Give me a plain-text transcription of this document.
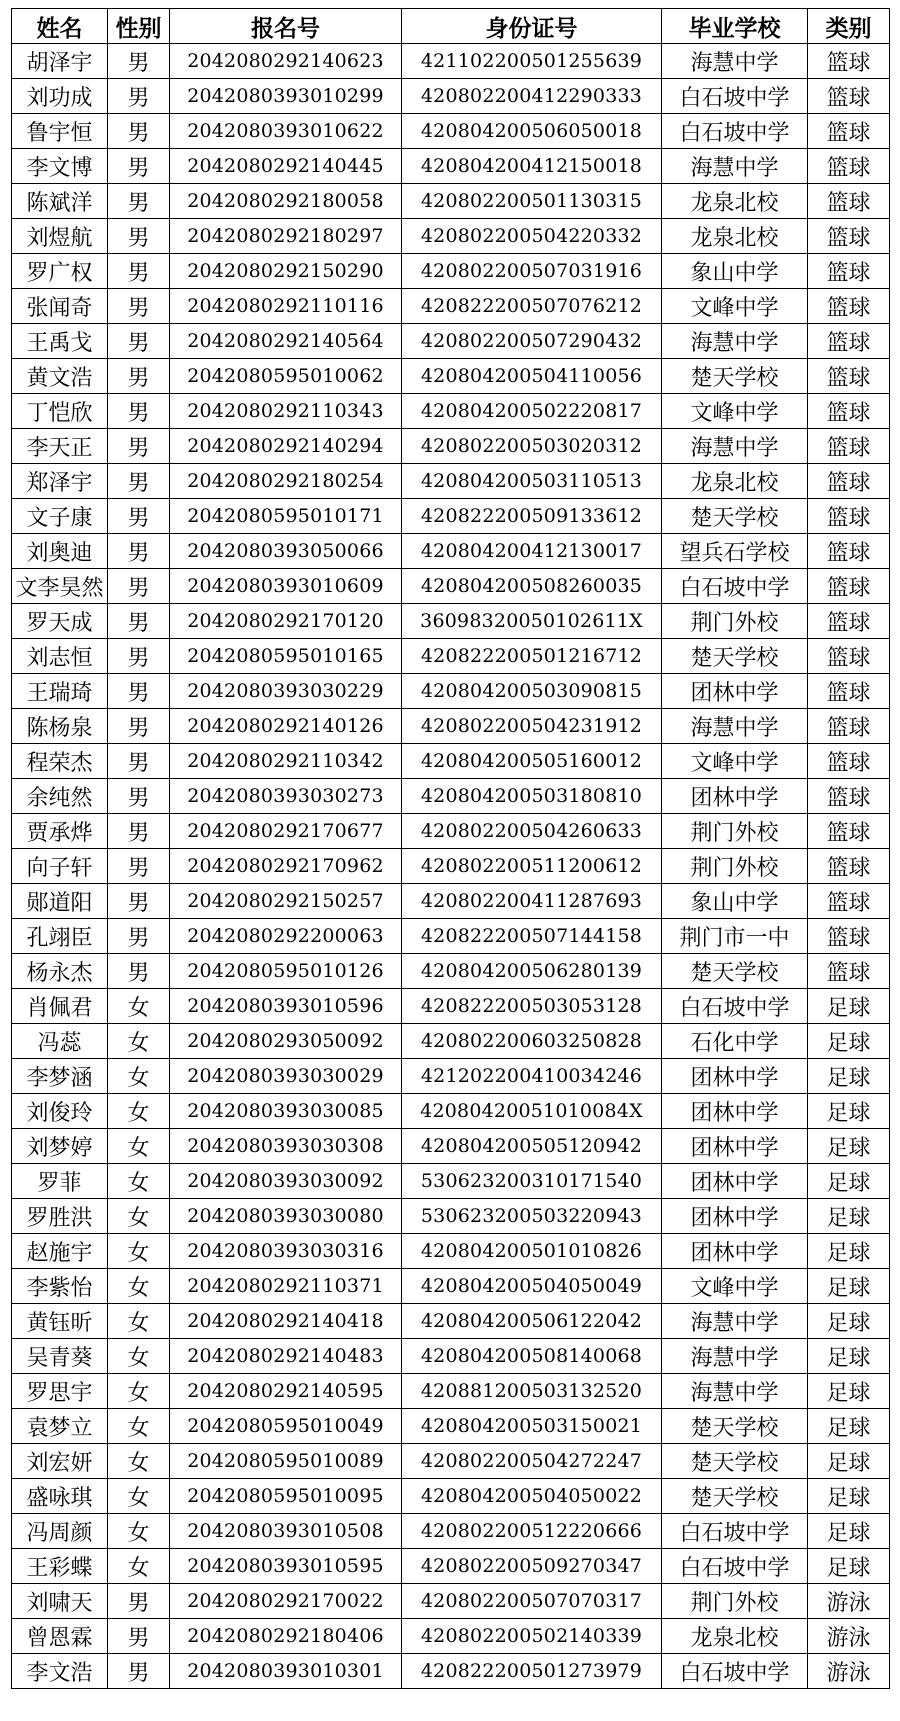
姓名	性别	报名号	身份证号	毕业学校	类别
胡泽宇	男	2042080292140623	421102200501255639	海慧中学	篮球
刘功成	男	2042080393010299	420802200412290333	白石坡中学	篮球
鲁宇恒	男	2042080393010622	420804200506050018	白石坡中学	篮球
李文博	男	2042080292140445	420804200412150018	海慧中学	篮球
陈斌洋	男	2042080292180058	420802200501130315	龙泉北校	篮球
刘煜航	男	2042080292180297	420802200504220332	龙泉北校	篮球
罗广权	男	2042080292150290	420802200507031916	象山中学	篮球
张闻奇	男	2042080292110116	420822200507076212	文峰中学	篮球
王禹戈	男	2042080292140564	420802200507290432	海慧中学	篮球
黄文浩	男	2042080595010062	420804200504110056	楚天学校	篮球
丁恺欣	男	2042080292110343	420804200502220817	文峰中学	篮球
李天正	男	2042080292140294	420802200503020312	海慧中学	篮球
郑泽宇	男	2042080292180254	420804200503110513	龙泉北校	篮球
文子康	男	2042080595010171	420822200509133612	楚天学校	篮球
刘奥迪	男	2042080393050066	420804200412130017	望兵石学校	篮球
文李昊然	男	2042080393010609	420804200508260035	白石坡中学	篮球
罗天成	男	2042080292170120	36098320050102611X	荆门外校	篮球
刘志恒	男	2042080595010165	420822200501216712	楚天学校	篮球
王瑞琦	男	2042080393030229	420804200503090815	团林中学	篮球
陈杨泉	男	2042080292140126	420802200504231912	海慧中学	篮球
程荣杰	男	2042080292110342	420804200505160012	文峰中学	篮球
余纯然	男	2042080393030273	420804200503180810	团林中学	篮球
贾承烨	男	2042080292170677	420802200504260633	荆门外校	篮球
向子轩	男	2042080292170962	420802200511200612	荆门外校	篮球
郧道阳	男	2042080292150257	420802200411287693	象山中学	篮球
孔翊臣	男	2042080292200063	420822200507144158	荆门市一中	篮球
杨永杰	男	2042080595010126	420804200506280139	楚天学校	篮球
肖佩君	女	2042080393010596	420822200503053128	白石坡中学	足球
冯蕊	女	2042080293050092	420802200603250828	石化中学	足球
李梦涵	女	2042080393030029	421202200410034246	团林中学	足球
刘俊玲	女	2042080393030085	42080420051010084X	团林中学	足球
刘梦婷	女	2042080393030308	420804200505120942	团林中学	足球
罗菲	女	2042080393030092	530623200310171540	团林中学	足球
罗胜洪	女	2042080393030080	530623200503220943	团林中学	足球
赵施宇	女	2042080393030316	420804200501010826	团林中学	足球
李紫怡	女	2042080292110371	420804200504050049	文峰中学	足球
黄钰昕	女	2042080292140418	420804200506122042	海慧中学	足球
吴青葵	女	2042080292140483	420804200508140068	海慧中学	足球
罗思宇	女	2042080292140595	420881200503132520	海慧中学	足球
袁梦立	女	2042080595010049	420804200503150021	楚天学校	足球
刘宏妍	女	2042080595010089	420802200504272247	楚天学校	足球
盛咏琪	女	2042080595010095	420804200504050022	楚天学校	足球
冯周颜	女	2042080393010508	420802200512220666	白石坡中学	足球
王彩蝶	女	2042080393010595	420802200509270347	白石坡中学	足球
刘啸天	男	2042080292170022	420802200507070317	荆门外校	游泳
曾恩霖	男	2042080292180406	420802200502140339	龙泉北校	游泳
李文浩	男	2042080393010301	420822200501273979	白石坡中学	游泳
